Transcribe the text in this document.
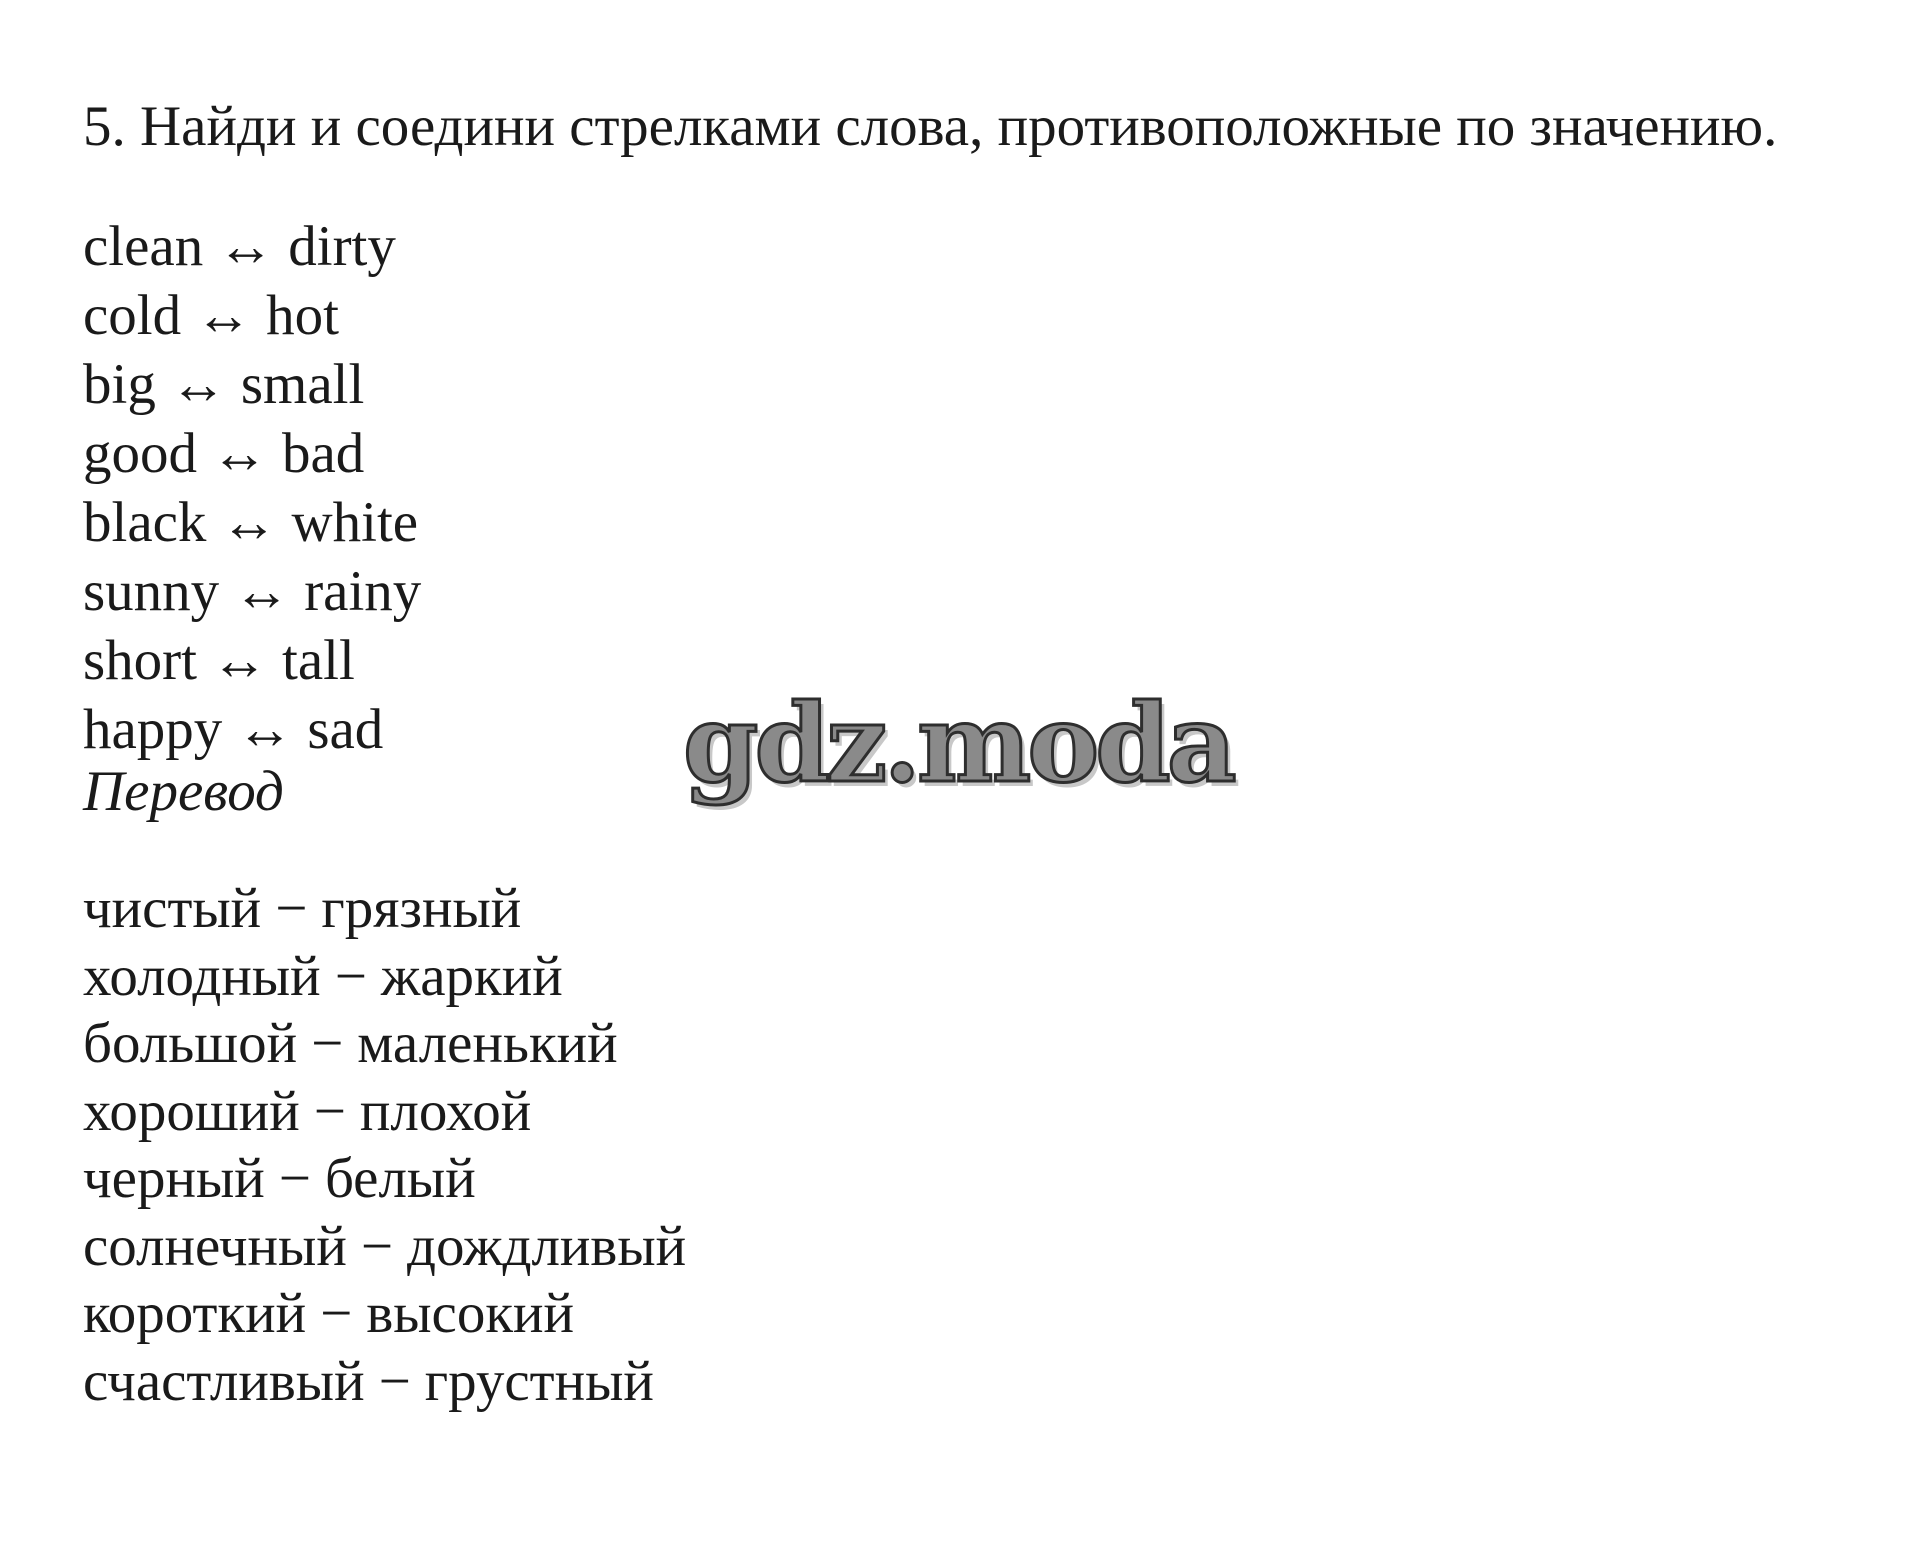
5. Найди и соедини стрелками слова, противоположные по значению.
clean ↔ dirty
cold ↔ hot
big ↔ small
good ↔ bad
black ↔ white
sunny ↔ rainy
short ↔ tall
happy ↔ sad
Перевод
чистый − грязный
холодный − жаркий
большой − маленький
хороший − плохой
черный − белый
солнечный − дождливый
короткий − высокий
счастливый − грустный
gdz.moda
